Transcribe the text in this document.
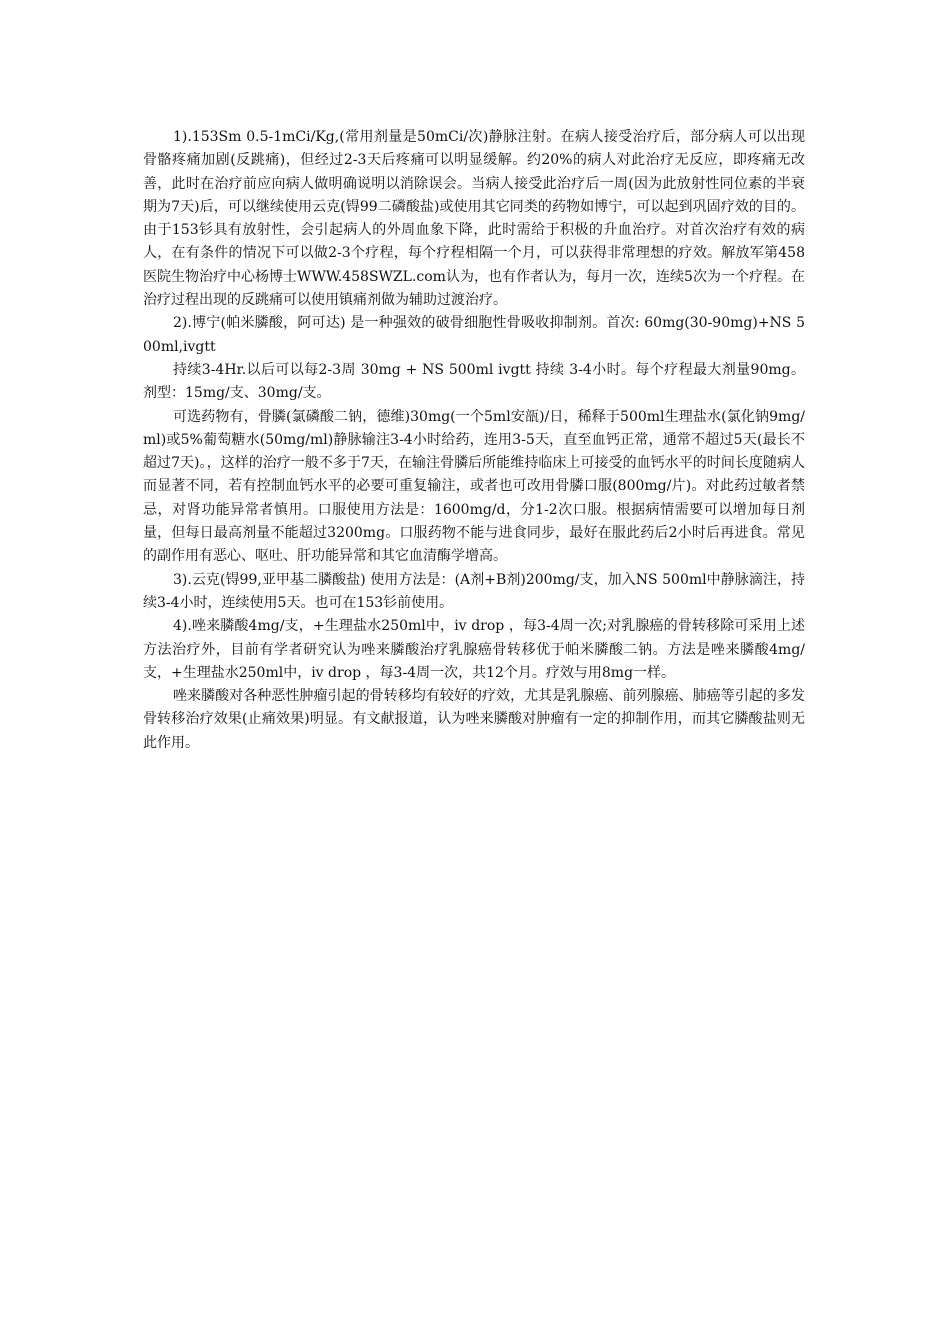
1).153Sm 0.5-1mCi/Kg,(常用剂量是50mCi/次)静脉注射。在病人接受治疗后，部分病人可以出现骨骼疼痛加剧(反跳痛)，但经过2-3天后疼痛可以明显缓解。约20%的病人对此治疗无反应，即疼痛无改善，此时在治疗前应向病人做明确说明以消除误会。当病人接受此治疗后一周(因为此放射性同位素的半衰期为7天)后，可以继续使用云克(锝99二磷酸盐)或使用其它同类的药物如博宁，可以起到巩固疗效的目的。由于153钐具有放射性，会引起病人的外周血象下降，此时需给于积极的升血治疗。对首次治疗有效的病人，在有条件的情况下可以做2-3个疗程，每个疗程相隔一个月，可以获得非常理想的疗效。解放军第458医院生物治疗中心杨博士WWW.458SWZL.com认为，也有作者认为，每月一次，连续5次为一个疗程。在治疗过程出现的反跳痛可以使用镇痛剂做为辅助过渡治疗。

2).博宁(帕米膦酸，阿可达) 是一种强效的破骨细胞性骨吸收抑制剂。首次: 60mg(30-90mg)+NS 500ml,ivgtt

持续3-4Hr.以后可以每2-3周 30mg + NS 500ml ivgtt 持续 3-4小时。每个疗程最大剂量90mg。剂型：15mg/支、30mg/支。

可选药物有，骨膦(氯磷酸二钠，德维)30mg(一个5ml安瓿)/日，稀释于500ml生理盐水(氯化钠9mg/ml)或5%葡萄糖水(50mg/ml)静脉输注3-4小时给药，连用3-5天，直至血钙正常，通常不超过5天(最长不超过7天)。，这样的治疗一般不多于7天，在输注骨膦后所能维持临床上可接受的血钙水平的时间长度随病人而显著不同，若有控制血钙水平的必要可重复输注，或者也可改用骨膦口服(800mg/片)。对此药过敏者禁忌，对肾功能异常者慎用。口服使用方法是：1600mg/d，分1-2次口服。根据病情需要可以增加每日剂量，但每日最高剂量不能超过3200mg。口服药物不能与进食同步，最好在服此药后2小时后再进食。常见的副作用有恶心、呕吐、肝功能异常和其它血清酶学增高。

3).云克(锝99,亚甲基二膦酸盐) 使用方法是：(A剂+B剂)200mg/支，加入NS 500ml中静脉滴注，持续3-4小时，连续使用5天。也可在153钐前使用。

4).唑来膦酸4mg/支，+生理盐水250ml中，iv drop ，每3-4周一次;对乳腺癌的骨转移除可采用上述方法治疗外，目前有学者研究认为唑来膦酸治疗乳腺癌骨转移优于帕米膦酸二钠。方法是唑来膦酸4mg/支，+生理盐水250ml中，iv drop ，每3-4周一次，共12个月。疗效与用8mg一样。

唑来膦酸对各种恶性肿瘤引起的骨转移均有较好的疗效，尤其是乳腺癌、前列腺癌、肺癌等引起的多发骨转移治疗效果(止痛效果)明显。有文献报道，认为唑来膦酸对肿瘤有一定的抑制作用，而其它膦酸盐则无此作用。
